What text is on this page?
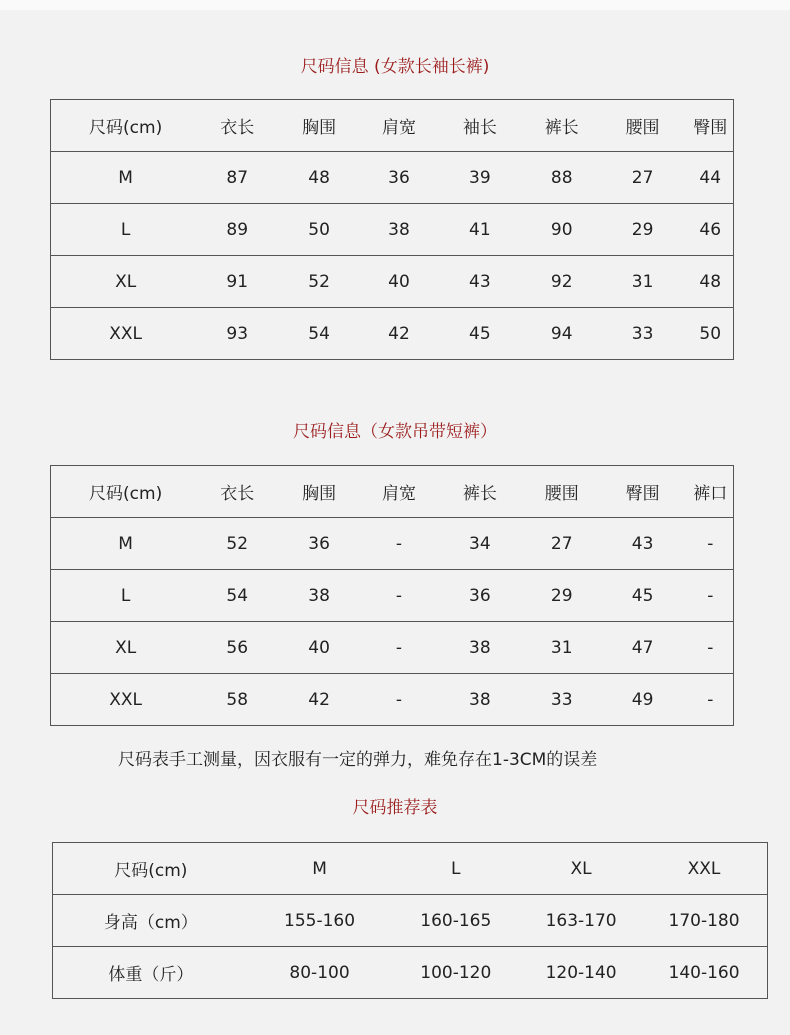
尺码信息 (女款长袖长裤)
尺码(cm)	衣长	胸围	肩宽	袖长	裤长	腰围	臀围
M	87	48	36	39	88	27	44
L	89	50	38	41	90	29	46
XL	91	52	40	43	92	31	48
XXL	93	54	42	45	94	33	50
尺码信息（女款吊带短裤）
尺码(cm)	衣长	胸围	肩宽	裤长	腰围	臀围	裤口
M	52	36	-	34	27	43	-
L	54	38	-	36	29	45	-
XL	56	40	-	38	31	47	-
XXL	58	42	-	38	33	49	-
尺码表手工测量，因衣服有一定的弹力，难免存在1-3CM的误差
尺码推荐表
尺码(cm)	M	L	XL	XXL
身高（cm）	155-160	160-165	163-170	170-180
体重（斤）	80-100	100-120	120-140	140-160
